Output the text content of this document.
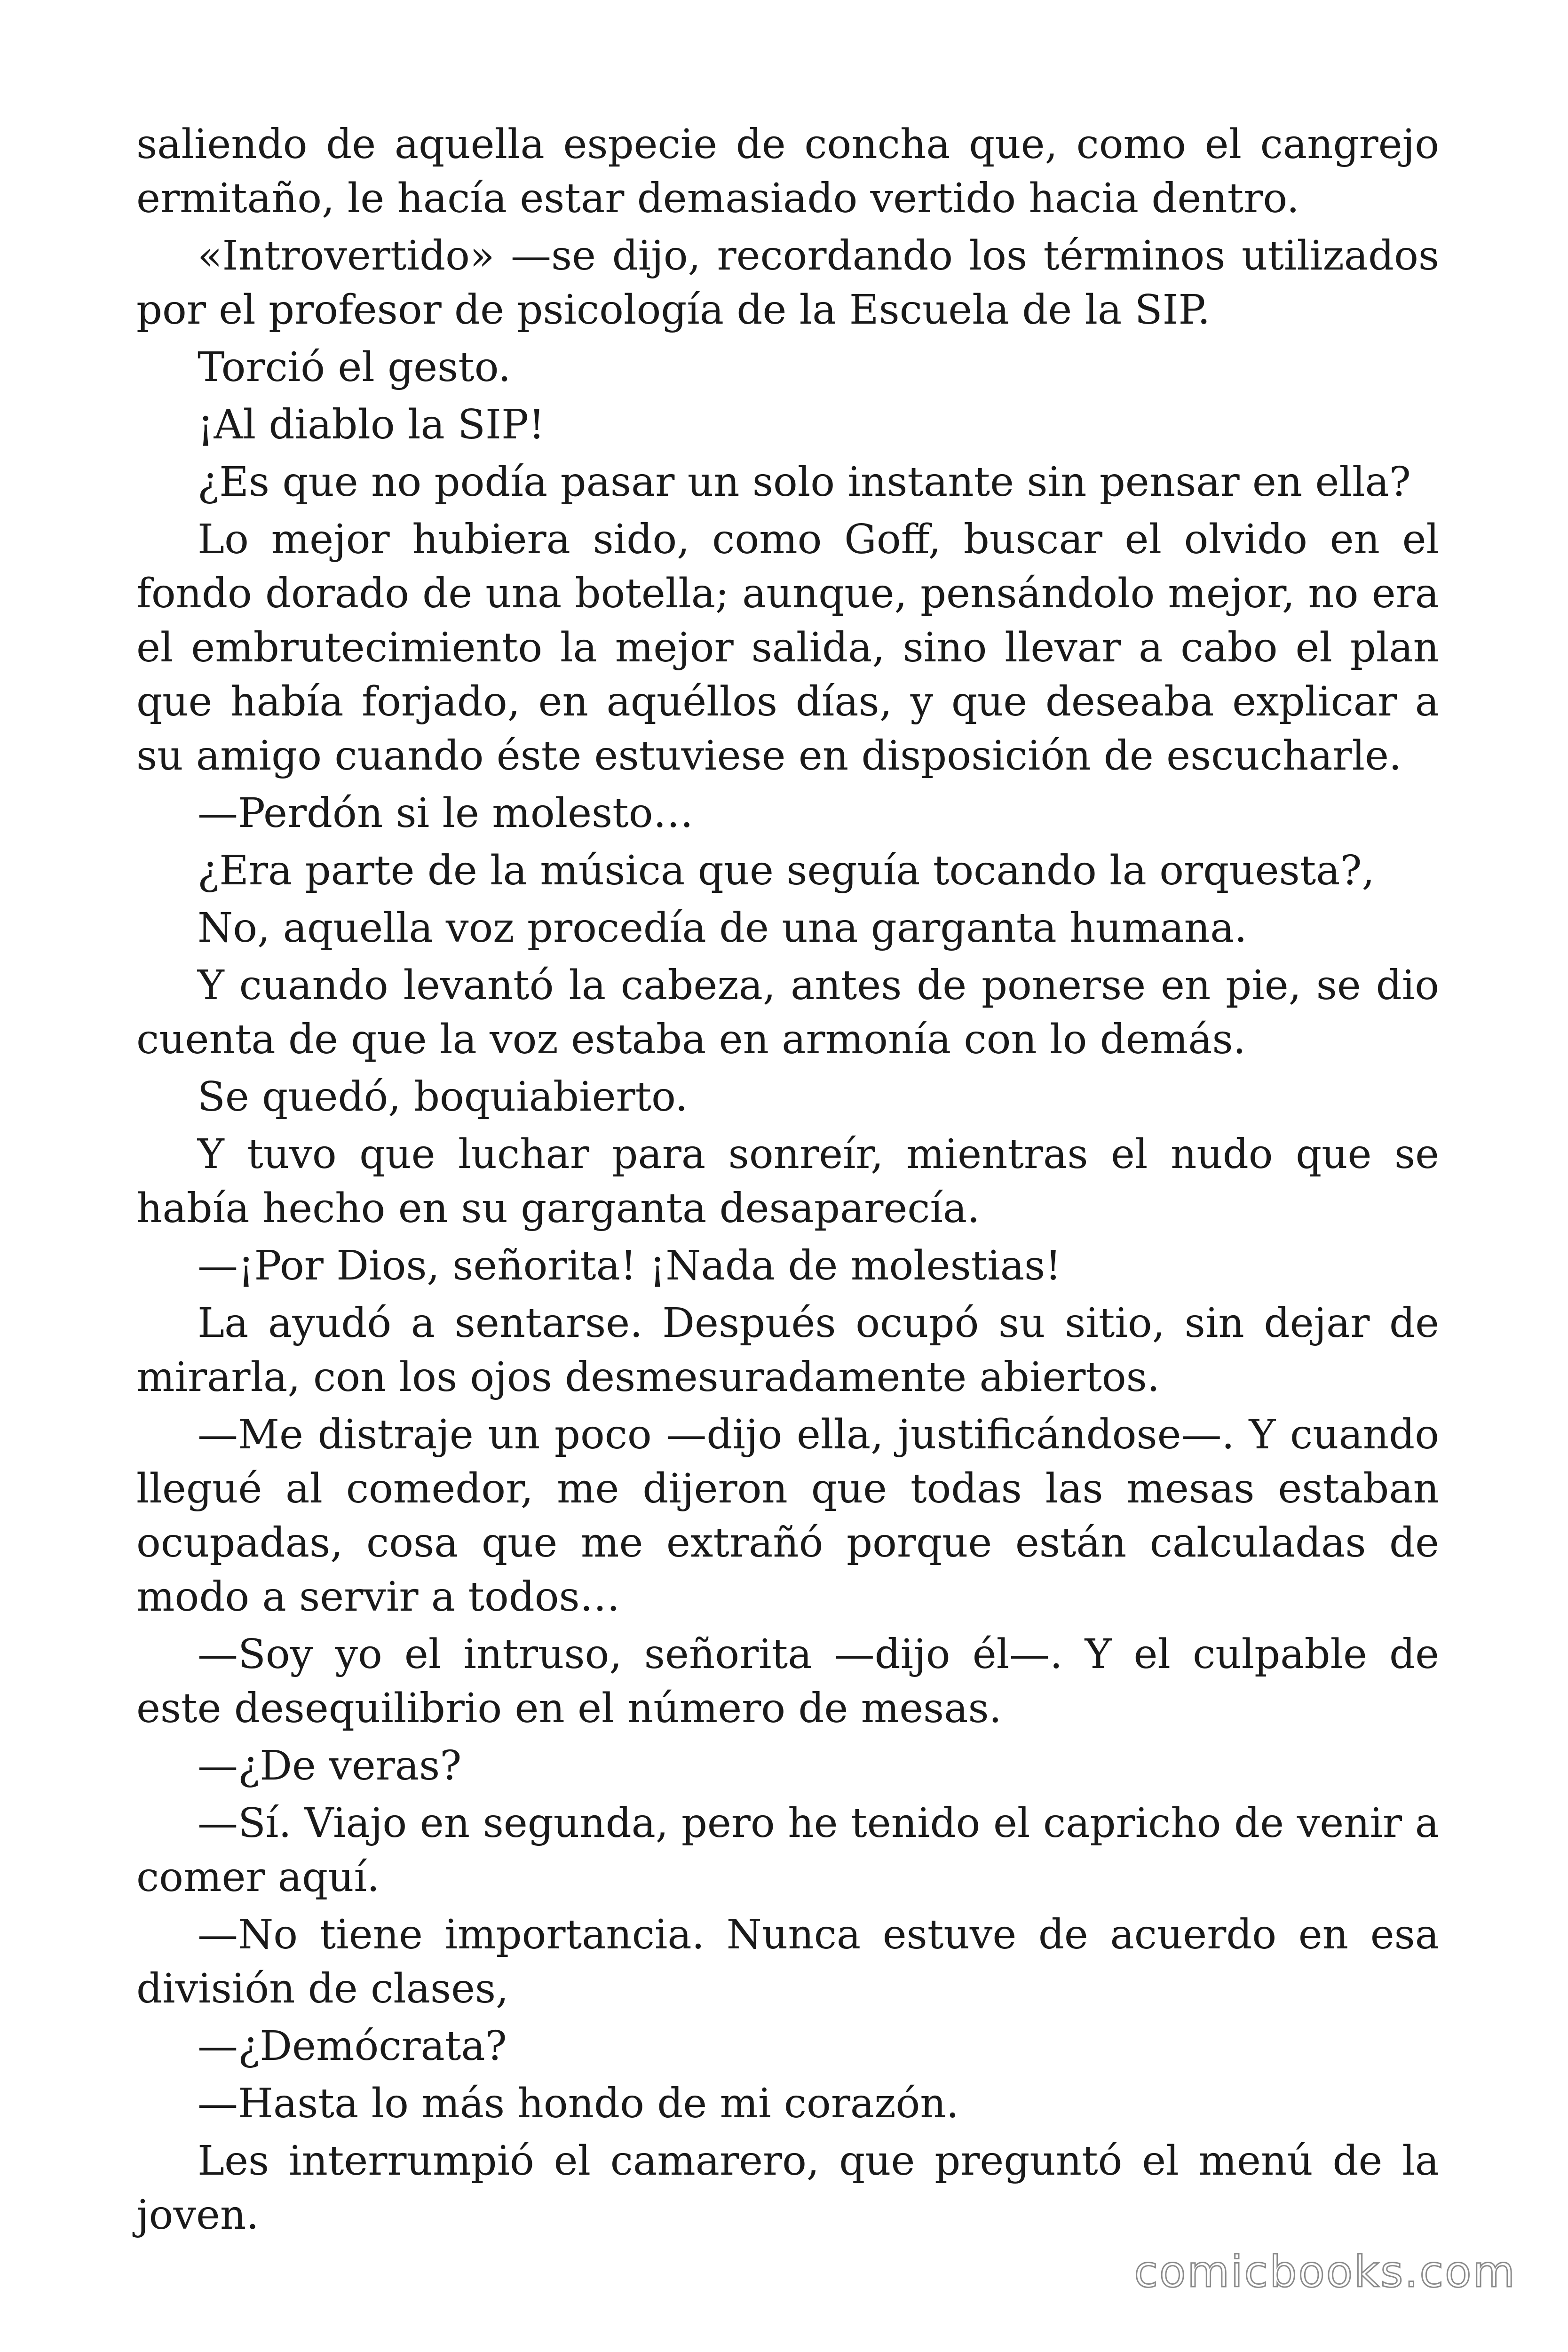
saliendo de aquella especie de concha que, como el cangrejo ermitaño, le hacía estar demasiado vertido hacia dentro.

«Introvertido» —se dijo, recordando los términos utilizados por el profesor de psicología de la Escuela de la SIP.

Torció el gesto.

¡Al diablo la SIP!

¿Es que no podía pasar un solo instante sin pensar en ella?

Lo mejor hubiera sido, como Goff, buscar el olvido en el fondo dorado de una botella; aunque, pensándolo mejor, no era el embrutecimiento la mejor salida, sino llevar a cabo el plan que había forjado, en aquéllos días, y que deseaba explicar a su amigo cuando éste estuviese en disposición de escucharle.

—Perdón si le molesto…

¿Era parte de la música que seguía tocando la orquesta?,

No, aquella voz procedía de una garganta humana.

Y cuando levantó la cabeza, antes de ponerse en pie, se dio cuenta de que la voz estaba en armonía con lo demás.

Se quedó, boquiabierto.

Y tuvo que luchar para sonreír, mientras el nudo que se había hecho en su garganta desaparecía.

—¡Por Dios, señorita! ¡Nada de molestias!

La ayudó a sentarse. Después ocupó su sitio, sin dejar de mirarla, con los ojos desmesuradamente abiertos.

—Me distraje un poco —dijo ella, justificándose—. Y cuando llegué al comedor, me dijeron que todas las mesas estaban ocupadas, cosa que me extrañó porque están calculadas de modo a servir a todos…

—Soy yo el intruso, señorita —dijo él—. Y el culpable de este desequilibrio en el número de mesas.

—¿De veras?

—Sí. Viajo en segunda, pero he tenido el capricho de venir a comer aquí.

—No tiene importancia. Nunca estuve de acuerdo en esa división de clases,

—¿Demócrata?

—Hasta lo más hondo de mi corazón.

Les interrumpió el camarero, que preguntó el menú de la joven.

comicbooks.com
